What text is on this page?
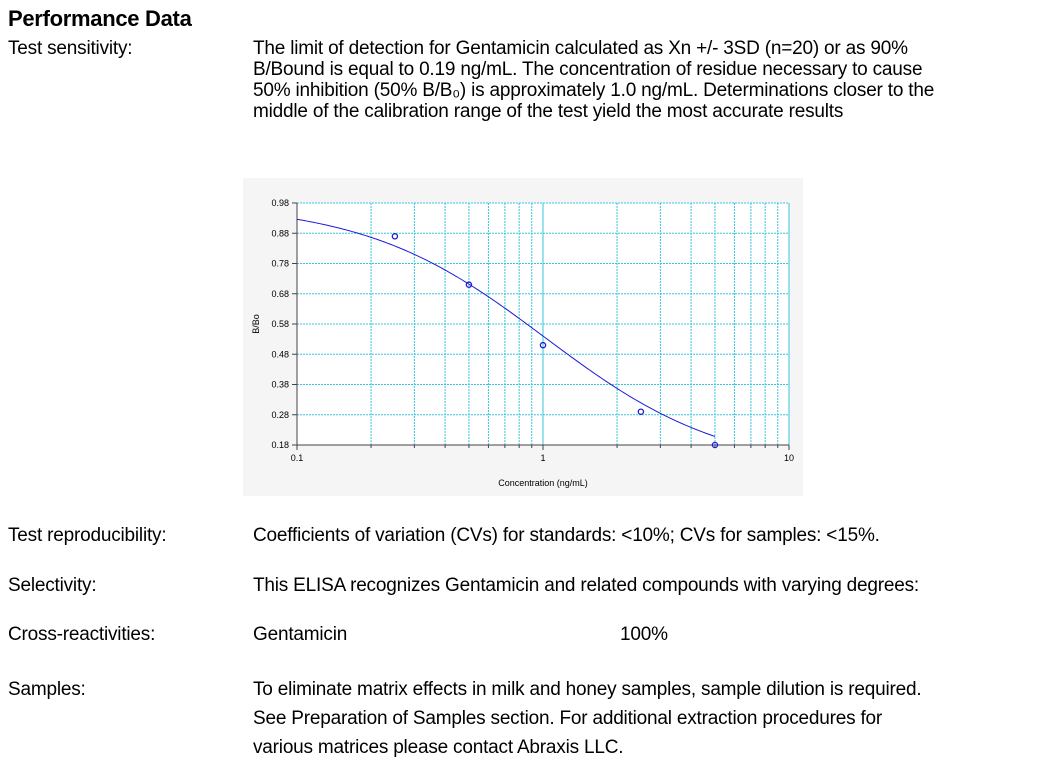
Performance Data
Test sensitivity:	The limit of detection for Gentamicin calculated as Xn +/- 3SD (n=20) or as 90%

B/Bound is equal to 0.19 ng/mL. The concentration of residue necessary to cause

50% inhibition (50% B/B₀) is approximately 1.0 ng/mL. Determinations closer to the

middle of the calibration range of the test yield the most accurate results

0.98
0.88
0.78
0.68
0.58
0.48
0.38
0.28
0.18
0.1	1	10
Concentration (ng/mL)
B/Bo
Test reproducibility:	Coefficients of variation (CVs) for standards: <10%; CVs for samples: <15%.
Selectivity:	This ELISA recognizes Gentamicin and related compounds with varying degrees:
Cross-reactivities:	Gentamicin	100%
Samples:	To eliminate matrix effects in milk and honey samples, sample dilution is required.

See Preparation of Samples section. For additional extraction procedures for

various matrices please contact Abraxis LLC.
